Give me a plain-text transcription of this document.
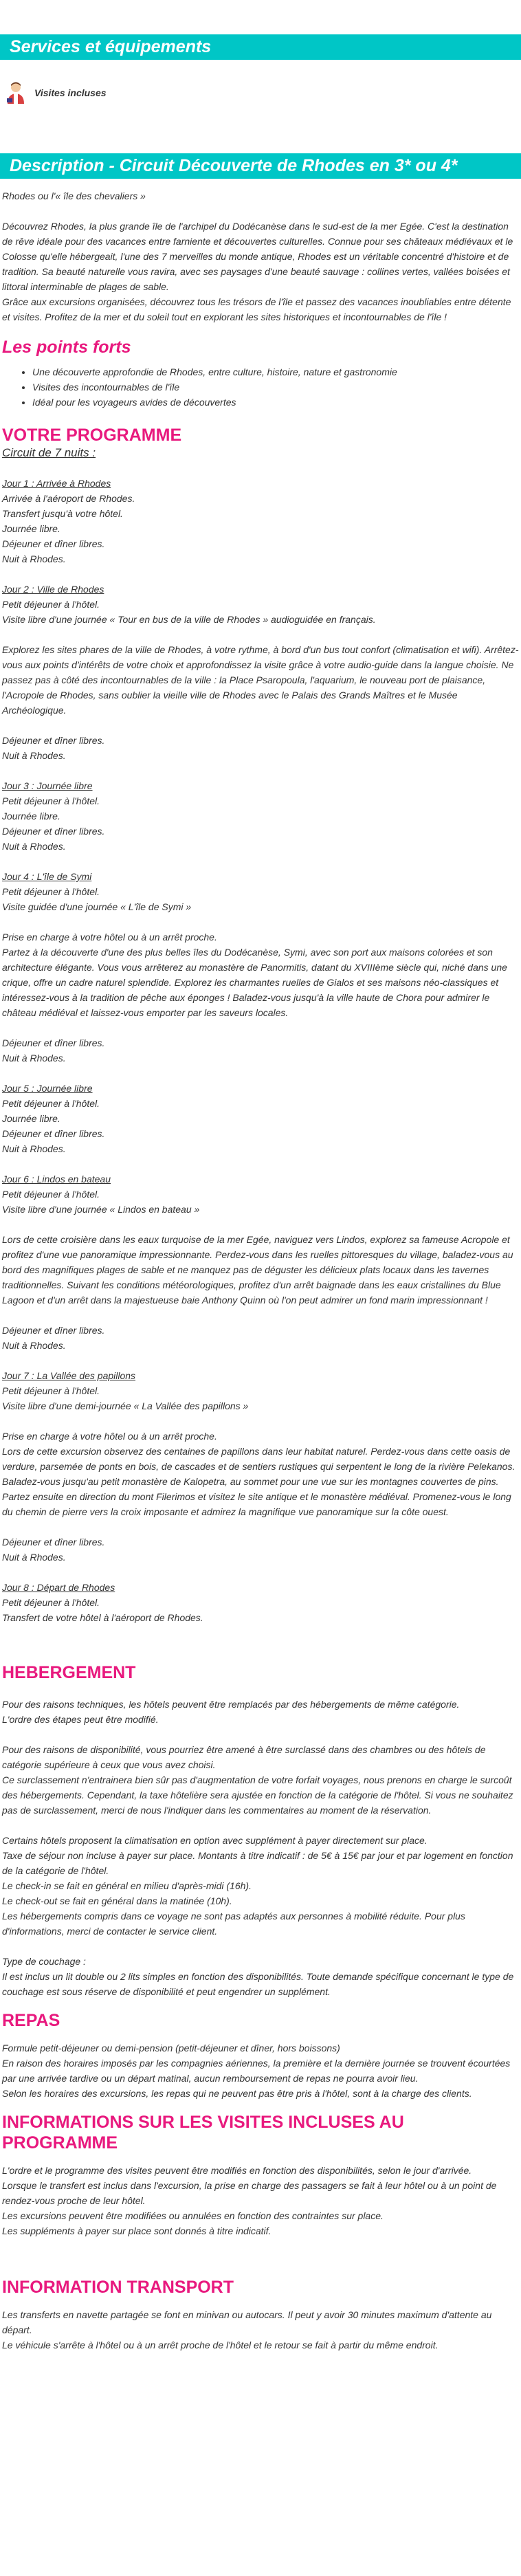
Services et équipements
Visites incluses
Description - Circuit Découverte de Rhodes en 3* ou 4*

Rhodes ou l'« île des chevaliers »

Découvrez Rhodes, la plus grande île de l'archipel du Dodécanèse dans le sud-est de la mer Egée. C'est la destination de rêve idéale pour des vacances entre farniente et découvertes culturelles. Connue pour ses châteaux médiévaux et le Colosse qu'elle hébergeait, l'une des 7 merveilles du monde antique, Rhodes est un véritable concentré d'histoire et de tradition. Sa beauté naturelle vous ravira, avec ses paysages d'une beauté sauvage : collines vertes, vallées boisées et littoral interminable de plages de sable.

Grâce aux excursions organisées, découvrez tous les trésors de l'île et passez des vacances inoubliables entre détente et visites. Profitez de la mer et du soleil tout en explorant les sites historiques et incontournables de l'île !

Les points forts
• Une découverte approfondie de Rhodes, entre culture, histoire, nature et gastronomie
• Visites des incontournables de l'île
• Idéal pour les voyageurs avides de découvertes
VOTRE PROGRAMME

Circuit de 7 nuits :

Jour 1 : Arrivée à Rhodes

Arrivée à l'aéroport de Rhodes.

Transfert jusqu'à votre hôtel.

Journée libre.

Déjeuner et dîner libres.

Nuit à Rhodes.

Jour 2 : Ville de Rhodes

Petit déjeuner à l'hôtel.

Visite libre d'une journée « Tour en bus de la ville de Rhodes » audioguidée en français.

Explorez les sites phares de la ville de Rhodes, à votre rythme, à bord d'un bus tout confort (climatisation et wifi). Arrêtez-vous aux points d'intérêts de votre choix et approfondissez la visite grâce à votre audio-guide dans la langue choisie. Ne passez pas à côté des incontournables de la ville : la Place Psaropoula, l'aquarium, le nouveau port de plaisance, l'Acropole de Rhodes, sans oublier la vieille ville de Rhodes avec le Palais des Grands Maîtres et le Musée Archéologique.

Déjeuner et dîner libres.

Nuit à Rhodes.

Jour 3 : Journée libre

Petit déjeuner à l'hôtel.

Journée libre.

Déjeuner et dîner libres.

Nuit à Rhodes.

Jour 4 : L'île de Symi

Petit déjeuner à l'hôtel.

Visite guidée d'une journée « L'île de Symi »

Prise en charge à votre hôtel ou à un arrêt proche.
Partez à la découverte d'une des plus belles îles du Dodécanèse, Symi, avec son port aux maisons colorées et son architecture élégante. Vous vous arrêterez au monastère de Panormitis, datant du XVIIIème siècle qui, niché dans une crique, offre un cadre naturel splendide. Explorez les charmantes ruelles de Gialos et ses maisons néo-classiques et intéressez-vous à la tradition de pêche aux éponges ! Baladez-vous jusqu'à la ville haute de Chora pour admirer le château médiéval et laissez-vous emporter par les saveurs locales.

Déjeuner et dîner libres.

Nuit à Rhodes.

Jour 5 : Journée libre

Petit déjeuner à l'hôtel.

Journée libre.

Déjeuner et dîner libres.

Nuit à Rhodes.

Jour 6 : Lindos en bateau

Petit déjeuner à l'hôtel.

Visite libre d'une journée « Lindos en bateau »

Lors de cette croisière dans les eaux turquoise de la mer Egée, naviguez vers Lindos, explorez sa fameuse Acropole et profitez d'une vue panoramique impressionnante. Perdez-vous dans les ruelles pittoresques du village, baladez-vous au bord des magnifiques plages de sable et ne manquez pas de déguster les délicieux plats locaux dans les tavernes traditionnelles. Suivant les conditions météorologiques, profitez d'un arrêt baignade dans les eaux cristallines du Blue Lagoon et d'un arrêt dans la majestueuse baie Anthony Quinn où l'on peut admirer un fond marin impressionnant !

Déjeuner et dîner libres.

Nuit à Rhodes.

Jour 7 : La Vallée des papillons

Petit déjeuner à l'hôtel.

Visite libre d'une demi-journée « La Vallée des papillons »

Prise en charge à votre hôtel ou à un arrêt proche.
Lors de cette excursion observez des centaines de papillons dans leur habitat naturel. Perdez-vous dans cette oasis de verdure, parsemée de ponts en bois, de cascades et de sentiers rustiques qui serpentent le long de la rivière Pelekanos. Baladez-vous jusqu'au petit monastère de Kalopetra, au sommet pour une vue sur les montagnes couvertes de pins. Partez ensuite en direction du mont Filerimos et visitez le site antique et le monastère médiéval. Promenez-vous le long du chemin de pierre vers la croix imposante et admirez la magnifique vue panoramique sur la côte ouest.

Déjeuner et dîner libres.

Nuit à Rhodes.

Jour 8 : Départ de Rhodes

Petit déjeuner à l'hôtel.

Transfert de votre hôtel à l'aéroport de Rhodes.

HEBERGEMENT

Pour des raisons techniques, les hôtels peuvent être remplacés par des hébergements de même catégorie.
L'ordre des étapes peut être modifié.

Pour des raisons de disponibilité, vous pourriez être amené à être surclassé dans des chambres ou des hôtels de catégorie supérieure à ceux que vous avez choisi.
Ce surclassement n'entrainera bien sûr pas d'augmentation de votre forfait voyages, nous prenons en charge le surcoût des hébergements. Cependant, la taxe hôtelière sera ajustée en fonction de la catégorie de l'hôtel. Si vous ne souhaitez pas de surclassement, merci de nous l'indiquer dans les commentaires au moment de la réservation.

Certains hôtels proposent la climatisation en option avec supplément à payer directement sur place.
Taxe de séjour non incluse à payer sur place. Montants à titre indicatif : de 5€ à 15€ par jour et par logement en fonction de la catégorie de l'hôtel.
Le check-in se fait en général en milieu d'après-midi (16h).
Le check-out se fait en général dans la matinée (10h).
Les hébergements compris dans ce voyage ne sont pas adaptés aux personnes à mobilité réduite. Pour plus d'informations, merci de contacter le service client.

Type de couchage :
Il est inclus un lit double ou 2 lits simples en fonction des disponibilités. Toute demande spécifique concernant le type de couchage est sous réserve de disponibilité et peut engendrer un supplément.

REPAS

Formule petit-déjeuner ou demi-pension (petit-déjeuner et dîner, hors boissons)
En raison des horaires imposés par les compagnies aériennes, la première et la dernière journée se trouvent écourtées par une arrivée tardive ou un départ matinal, aucun remboursement de repas ne pourra avoir lieu.
Selon les horaires des excursions, les repas qui ne peuvent pas être pris à l'hôtel, sont à la charge des clients.

INFORMATIONS SUR LES VISITES INCLUSES AU PROGRAMME

L'ordre et le programme des visites peuvent être modifiés en fonction des disponibilités, selon le jour d'arrivée.
Lorsque le transfert est inclus dans l'excursion, la prise en charge des passagers se fait à leur hôtel ou à un point de rendez-vous proche de leur hôtel.
Les excursions peuvent être modifiées ou annulées en fonction des contraintes sur place.
Les suppléments à payer sur place sont donnés à titre indicatif.

INFORMATION TRANSPORT

Les transferts en navette partagée se font en minivan ou autocars. Il peut y avoir 30 minutes maximum d'attente au départ.
Le véhicule s'arrête à l'hôtel ou à un arrêt proche de l'hôtel et le retour se fait à partir du même endroit.
